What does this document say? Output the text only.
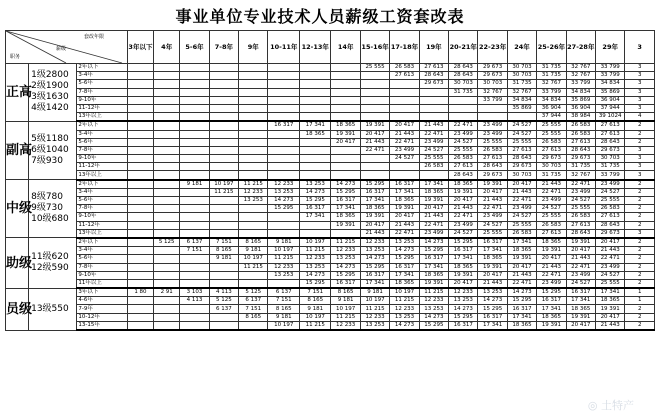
事业单位专业技术人员薪级工资套改表
套改年限
薪级
职务			3年以下	4年	5-6年	7-8年	9年	10-11年	12-13年	14年	15-16年	17-18年	19年	20-21年	22-23年	24年	25-26年	27-28年	29年	3
正高	1级2800
2级1900
3级1630
4级1420	2年以下									25 555	26 583	27 613	28 643	29 673	30 703	31 735	32 767	33 799	3
		3-4年										27 613	28 643	28 643	29 673	30 703	31 735	32 767	33 799	3
		5-6年											29 673	30 703	30 703	31 735	32 767	33 799	34 834	3
		7-8年												31 735	32 767	32 767	33 799	34 834	35 869	3
		9-10年													33 799	34 834	34 834	35 869	36 904	3
		11-12年														35 869	36 904	36 904	37 944	3
		13年以上															37 944	38 984	39 1024	4
副高	5级1180
6级1040
7级930	2年以下						16 317	17 341	18 365	19 391	20 417	21 443	22 471	23 499	24 527	25 555	26 583	27 613	2
		3-4年							18 365	19 391	20 417	21 443	22 471	23 499	23 499	24 527	25 555	26 583	27 613	2
		5-6年								20 417	21 443	22 471	23 499	24 527	25 555	25 555	26 583	27 613	28 643	2
		7-8年									22 471	23 499	24 527	25 555	26 583	27 613	27 613	28 643	29 673	3
		9-10年										24 527	25 555	26 583	27 613	28 643	29 673	29 673	30 703	3
		11-12年											26 583	27 613	28 643	29 673	30 703	31 735	31 735	3
		13年以上												28 643	29 673	30 703	31 735	32 767	33 799	3
中级	8级780
9级730
10级680	2年以下			9 181	10 197	11 215	12 233	13 253	14 273	15 295	16 317	17 341	18 365	19 391	20 417	21 443	22 471	23 499	2
		3-4年				11 215	12 233	13 253	14 273	15 295	16 317	17 341	18 365	19 391	20 417	21 443	22 471	23 499	24 527	2
		5-6年					13 253	14 273	15 295	16 317	17 341	18 365	19 391	20 417	21 443	22 471	23 499	24 527	25 555	2
		7-8年						15 295	16 317	17 341	18 365	19 391	20 417	21 443	22 471	23 499	24 527	25 555	26 583	2
		9-10年							17 341	18 365	19 391	20 417	21 443	22 471	23 499	24 527	25 555	26 583	27 613	2
		11-12年								19 391	20 417	21 443	22 471	23 499	24 527	25 555	26 583	27 613	28 643	2
		13年以上									21 443	22 471	23 499	24 527	25 555	26 583	27 613	28 643	29 673	3
助级	11级620
12级590	2年以下		5 125	6 137	7 151	8 165	9 181	10 197	11 215	12 233	13 253	14 273	15 295	16 317	17 341	18 365	19 391	20 417	2
		3-4年			7 151	8 165	9 181	10 197	11 215	12 233	13 253	14 273	15 295	16 317	17 341	18 365	19 391	20 417	21 443	2
		5-6年				9 181	10 197	11 215	12 233	13 253	14 273	15 295	16 317	17 341	18 365	19 391	20 417	21 443	22 471	2
		7-8年					11 215	12 233	13 253	14 273	15 295	16 317	17 341	18 365	19 391	20 417	21 443	22 471	23 499	2
		9-10年						13 253	14 273	15 295	16 317	17 341	18 365	19 391	20 417	21 443	22 471	23 499	24 527	2
		11年以上							15 295	16 317	17 341	18 365	19 391	20 417	21 443	22 471	23 499	24 527	25 555	2
员级	13级550	3年以下	1 80	2 91	3 103	4 113	5 125	6 137	7 151	8 165	9 181	10 197	11 215	12 233	13 253	14 273	15 295	16 317	17 341	1
		4-6年			4 113	5 125	6 137	7 151	8 165	9 181	10 197	11 215	12 233	13 253	14 273	15 295	16 317	17 341	18 365	1
		7-9年				6 137	7 151	8 165	9 181	10 197	11 215	12 233	13 253	14 273	15 295	16 317	17 341	18 365	19 391	2
		10-12年					8 165	9 181	10 197	11 215	12 233	13 253	14 273	15 295	16 317	17 341	18 365	19 391	20 417	2
		13-15年						10 197	11 215	12 233	13 253	14 273	15 295	16 317	17 341	18 365	19 391	20 417	21 443	2
◎ 土特产
